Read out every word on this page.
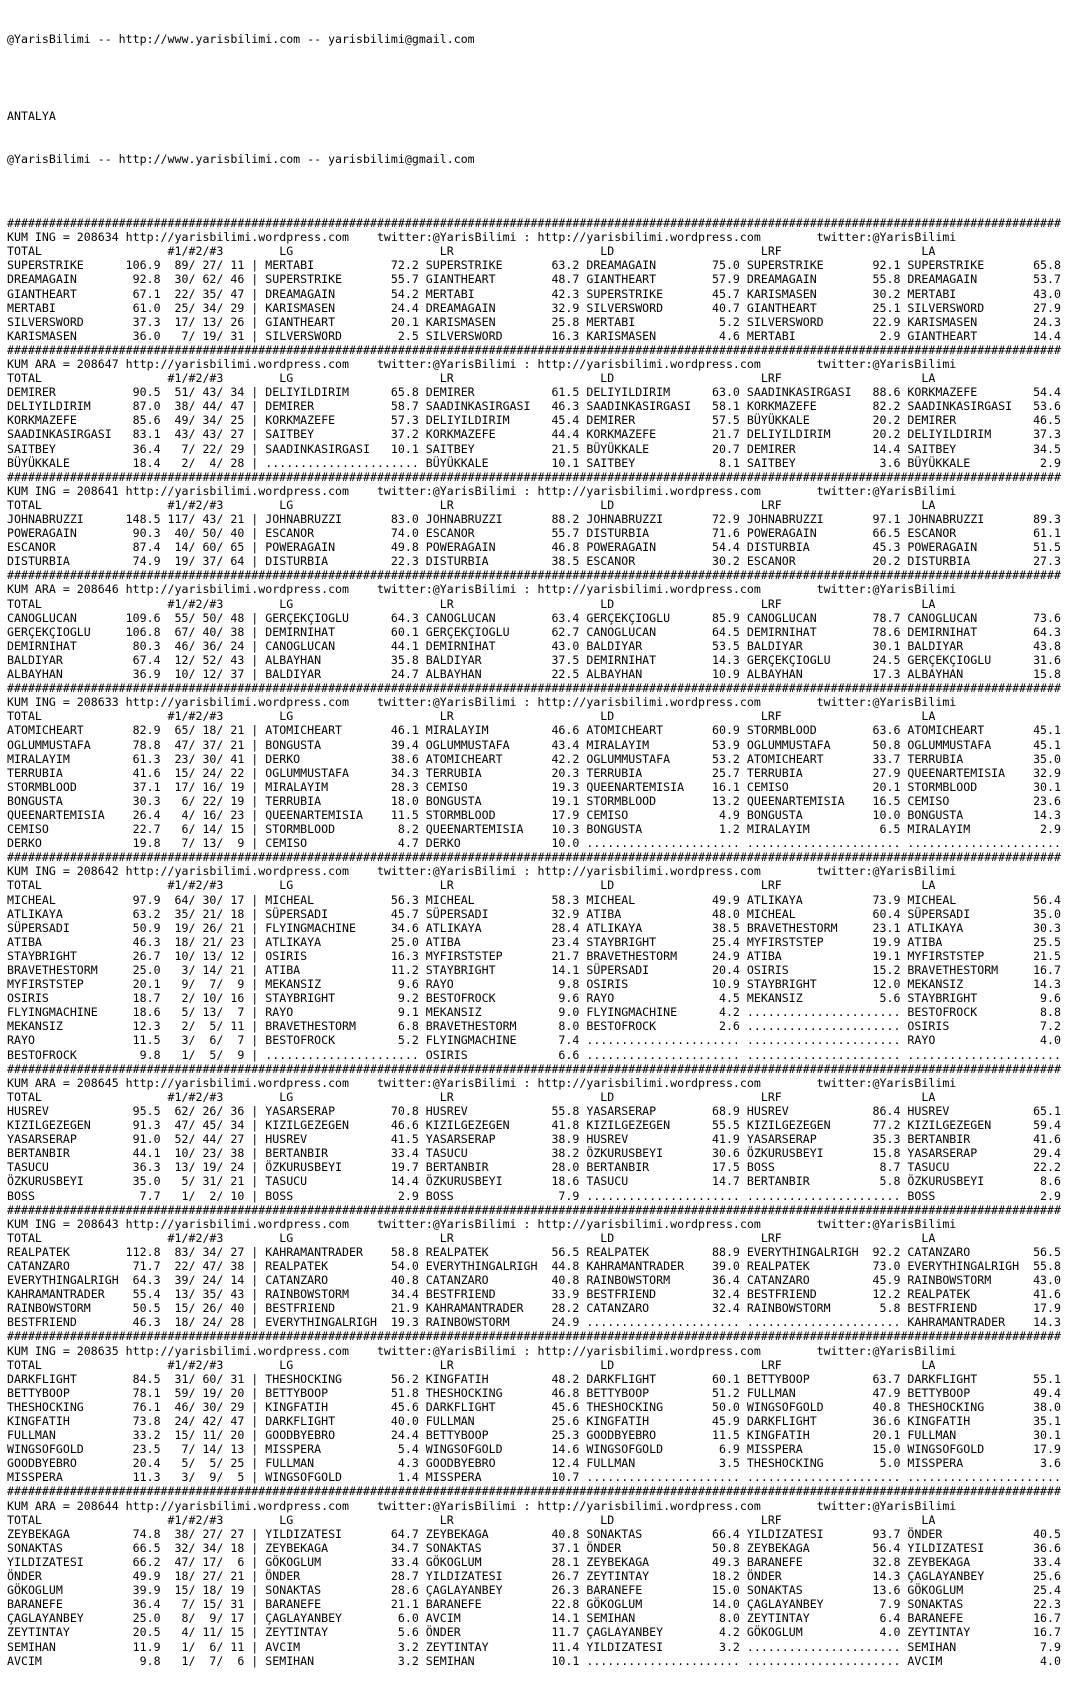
@YarisBilimi -- http://www.yarisbilimi.com -- yarisbilimi@gmail.com

ANTALYA

@YarisBilimi -- http://www.yarisbilimi.com -- yarisbilimi@gmail.com

#######################################################################################################################################################
KUM ING = 208634 http://yarisbilimi.wordpress.com    twitter:@YarisBilimi : http://yarisbilimi.wordpress.com        twitter:@YarisBilimi
TOTAL                  #1/#2/#3        LG                     LR                     LD                     LRF                    LA
SUPERSTRIKE      106.9  89/ 27/ 11 | MERTABI           72.2 SUPERSTRIKE       63.2 DREAMAGAIN        75.0 SUPERSTRIKE       92.1 SUPERSTRIKE       65.8
DREAMAGAIN        92.8  30/ 62/ 46 | SUPERSTRIKE       55.7 GIANTHEART        48.7 GIANTHEART        57.9 DREAMAGAIN        55.8 DREAMAGAIN        53.7
GIANTHEART        67.1  22/ 35/ 47 | DREAMAGAIN        54.2 MERTABI           42.3 SUPERSTRIKE       45.7 KARISMASEN        30.2 MERTABI           43.0
MERTABI           61.0  25/ 34/ 29 | KARISMASEN        24.4 DREAMAGAIN        32.9 SILVERSWORD       40.7 GIANTHEART        25.1 SILVERSWORD       27.9
SILVERSWORD       37.3  17/ 13/ 26 | GIANTHEART        20.1 KARISMASEN        25.8 MERTABI            5.2 SILVERSWORD       22.9 KARISMASEN        24.3
KARISMASEN        36.0   7/ 19/ 31 | SILVERSWORD        2.5 SILVERSWORD       16.3 KARISMASEN         4.6 MERTABI            2.9 GIANTHEART        14.4
#######################################################################################################################################################
KUM ARA = 208647 http://yarisbilimi.wordpress.com    twitter:@YarisBilimi : http://yarisbilimi.wordpress.com        twitter:@YarisBilimi
TOTAL                  #1/#2/#3        LG                     LR                     LD                     LRF                    LA
DEMIRER           90.5  51/ 43/ 34 | DELIYILDIRIM      65.8 DEMIRER           61.5 DELIYILDIRIM      63.0 SAADINKASIRGASI   88.6 KORKMAZEFE        54.4
DELIYILDIRIM      87.0  38/ 44/ 47 | DEMIRER           58.7 SAADINKASIRGASI   46.3 SAADINKASIRGASI   58.1 KORKMAZEFE        82.2 SAADINKASIRGASI   53.6
KORKMAZEFE        85.6  49/ 34/ 25 | KORKMAZEFE        57.3 DELIYILDIRIM      45.4 DEMIRER           57.5 BÜYÜKKALE         20.2 DEMIRER           46.5
SAADINKASIRGASI   83.1  43/ 43/ 27 | SAITBEY           37.2 KORKMAZEFE        44.4 KORKMAZEFE        21.7 DELIYILDIRIM      20.2 DELIYILDIRIM      37.3
SAITBEY           36.4   7/ 22/ 29 | SAADINKASIRGASI   10.1 SAITBEY           21.5 BÜYÜKKALE         20.7 DEMIRER           14.4 SAITBEY           34.5
BÜYÜKKALE         18.4   2/  4/ 28 | ...................... BÜYÜKKALE         10.1 SAITBEY            8.1 SAITBEY            3.6 BÜYÜKKALE          2.9
#######################################################################################################################################################
KUM ING = 208641 http://yarisbilimi.wordpress.com    twitter:@YarisBilimi : http://yarisbilimi.wordpress.com        twitter:@YarisBilimi
TOTAL                  #1/#2/#3        LG                     LR                     LD                     LRF                    LA
JOHNABRUZZI      148.5 117/ 43/ 21 | JOHNABRUZZI       83.0 JOHNABRUZZI       88.2 JOHNABRUZZI       72.9 JOHNABRUZZI       97.1 JOHNABRUZZI       89.3
POWERAGAIN        90.3  40/ 50/ 40 | ESCANOR           74.0 ESCANOR           55.7 DISTURBIA         71.6 POWERAGAIN        66.5 ESCANOR           61.1
ESCANOR           87.4  14/ 60/ 65 | POWERAGAIN        49.8 POWERAGAIN        46.8 POWERAGAIN        54.4 DISTURBIA         45.3 POWERAGAIN        51.5
DISTURBIA         74.9  19/ 37/ 64 | DISTURBIA         22.3 DISTURBIA         38.5 ESCANOR           30.2 ESCANOR           20.2 DISTURBIA         27.3
#######################################################################################################################################################
KUM ARA = 208646 http://yarisbilimi.wordpress.com    twitter:@YarisBilimi : http://yarisbilimi.wordpress.com        twitter:@YarisBilimi
TOTAL                  #1/#2/#3        LG                     LR                     LD                     LRF                    LA
CANOGLUCAN       109.6  55/ 50/ 48 | GERÇEKÇIOGLU      64.3 CANOGLUCAN        63.4 GERÇEKÇIOGLU      85.9 CANOGLUCAN        78.7 CANOGLUCAN        73.6
GERÇEKÇIOGLU     106.8  67/ 40/ 38 | DEMIRNIHAT        60.1 GERÇEKÇIOGLU      62.7 CANOGLUCAN        64.5 DEMIRNIHAT        78.6 DEMIRNIHAT        64.3
DEMIRNIHAT        80.3  46/ 36/ 24 | CANOGLUCAN        44.1 DEMIRNIHAT        43.0 BALDIYAR          53.5 BALDIYAR          30.1 BALDIYAR          43.8
BALDIYAR          67.4  12/ 52/ 43 | ALBAYHAN          35.8 BALDIYAR          37.5 DEMIRNIHAT        14.3 GERÇEKÇIOGLU      24.5 GERÇEKÇIOGLU      31.6
ALBAYHAN          36.9  10/ 12/ 37 | BALDIYAR          24.7 ALBAYHAN          22.5 ALBAYHAN          10.9 ALBAYHAN          17.3 ALBAYHAN          15.8
#######################################################################################################################################################
KUM ING = 208633 http://yarisbilimi.wordpress.com    twitter:@YarisBilimi : http://yarisbilimi.wordpress.com        twitter:@YarisBilimi
TOTAL                  #1/#2/#3        LG                     LR                     LD                     LRF                    LA
ATOMICHEART       82.9  65/ 18/ 21 | ATOMICHEART       46.1 MIRALAYIM         46.6 ATOMICHEART       60.9 STORMBLOOD        63.6 ATOMICHEART       45.1
OGLUMMUSTAFA      78.8  47/ 37/ 21 | BONGUSTA          39.4 OGLUMMUSTAFA      43.4 MIRALAYIM         53.9 OGLUMMUSTAFA      50.8 OGLUMMUSTAFA      45.1
MIRALAYIM         61.3  23/ 30/ 41 | DERKO             38.6 ATOMICHEART       42.2 OGLUMMUSTAFA      53.2 ATOMICHEART       33.7 TERRUBIA          35.0
TERRUBIA          41.6  15/ 24/ 22 | OGLUMMUSTAFA      34.3 TERRUBIA          20.3 TERRUBIA          25.7 TERRUBIA          27.9 QUEENARTEMISIA    32.9
STORMBLOOD        37.1  17/ 16/ 19 | MIRALAYIM         28.3 CEMISO            19.3 QUEENARTEMISIA    16.1 CEMISO            20.1 STORMBLOOD        30.1
BONGUSTA          30.3   6/ 22/ 19 | TERRUBIA          18.0 BONGUSTA          19.1 STORMBLOOD        13.2 QUEENARTEMISIA    16.5 CEMISO            23.6
QUEENARTEMISIA    26.4   4/ 16/ 23 | QUEENARTEMISIA    11.5 STORMBLOOD        17.9 CEMISO             4.9 BONGUSTA          10.0 BONGUSTA          14.3
CEMISO            22.7   6/ 14/ 15 | STORMBLOOD         8.2 QUEENARTEMISIA    10.3 BONGUSTA           1.2 MIRALAYIM          6.5 MIRALAYIM          2.9
DERKO             19.8   7/ 13/  9 | CEMISO             4.7 DERKO             10.0 ...................... ...................... ......................
#######################################################################################################################################################
KUM ING = 208642 http://yarisbilimi.wordpress.com    twitter:@YarisBilimi : http://yarisbilimi.wordpress.com        twitter:@YarisBilimi
TOTAL                  #1/#2/#3        LG                     LR                     LD                     LRF                    LA
MICHEAL           97.9  64/ 30/ 17 | MICHEAL           56.3 MICHEAL           58.3 MICHEAL           49.9 ATLIKAYA          73.9 MICHEAL           56.4
ATLIKAYA          63.2  35/ 21/ 18 | SÜPERSADI         45.7 SÜPERSADI         32.9 ATIBA             48.0 MICHEAL           60.4 SÜPERSADI         35.0
SÜPERSADI         50.9  19/ 26/ 21 | FLYINGMACHINE     34.6 ATLIKAYA          28.4 ATLIKAYA          38.5 BRAVETHESTORM     23.1 ATLIKAYA          30.3
ATIBA             46.3  18/ 21/ 23 | ATLIKAYA          25.0 ATIBA             23.4 STAYBRIGHT        25.4 MYFIRSTSTEP       19.9 ATIBA             25.5
STAYBRIGHT        26.7  10/ 13/ 12 | OSIRIS            16.3 MYFIRSTSTEP       21.7 BRAVETHESTORM     24.9 ATIBA             19.1 MYFIRSTSTEP       21.5
BRAVETHESTORM     25.0   3/ 14/ 21 | ATIBA             11.2 STAYBRIGHT        14.1 SÜPERSADI         20.4 OSIRIS            15.2 BRAVETHESTORM     16.7
MYFIRSTSTEP       20.1   9/  7/  9 | MEKANSIZ           9.6 RAYO               9.8 OSIRIS            10.9 STAYBRIGHT        12.0 MEKANSIZ          14.3
OSIRIS            18.7   2/ 10/ 16 | STAYBRIGHT         9.2 BESTOFROCK         9.6 RAYO               4.5 MEKANSIZ           5.6 STAYBRIGHT         9.6
FLYINGMACHINE     18.6   5/ 13/  7 | RAYO               9.1 MEKANSIZ           9.0 FLYINGMACHINE      4.2 ...................... BESTOFROCK         8.8
MEKANSIZ          12.3   2/  5/ 11 | BRAVETHESTORM      6.8 BRAVETHESTORM      8.0 BESTOFROCK         2.6 ...................... OSIRIS             7.2
RAYO              11.5   3/  6/  7 | BESTOFROCK         5.2 FLYINGMACHINE      7.4 ...................... ...................... RAYO               4.0
BESTOFROCK         9.8   1/  5/  9 | ...................... OSIRIS             6.6 ...................... ...................... ......................
#######################################################################################################################################################
KUM ARA = 208645 http://yarisbilimi.wordpress.com    twitter:@YarisBilimi : http://yarisbilimi.wordpress.com        twitter:@YarisBilimi
TOTAL                  #1/#2/#3        LG                     LR                     LD                     LRF                    LA
HUSREV            95.5  62/ 26/ 36 | YASARSERAP        70.8 HUSREV            55.8 YASARSERAP        68.9 HUSREV            86.4 HUSREV            65.1
KIZILGEZEGEN      91.3  47/ 45/ 34 | KIZILGEZEGEN      46.6 KIZILGEZEGEN      41.8 KIZILGEZEGEN      55.5 KIZILGEZEGEN      77.2 KIZILGEZEGEN      59.4
YASARSERAP        91.0  52/ 44/ 27 | HUSREV            41.5 YASARSERAP        38.9 HUSREV            41.9 YASARSERAP        35.3 BERTANBIR         41.6
BERTANBIR         44.1  10/ 23/ 38 | BERTANBIR         33.4 TASUCU            38.2 ÖZKURUSBEYI       30.6 ÖZKURUSBEYI       15.8 YASARSERAP        29.4
TASUCU            36.3  13/ 19/ 24 | ÖZKURUSBEYI       19.7 BERTANBIR         28.0 BERTANBIR         17.5 BOSS               8.7 TASUCU            22.2
ÖZKURUSBEYI       35.0   5/ 31/ 21 | TASUCU            14.4 ÖZKURUSBEYI       18.6 TASUCU            14.7 BERTANBIR          5.8 ÖZKURUSBEYI        8.6
BOSS               7.7   1/  2/ 10 | BOSS               2.9 BOSS               7.9 ...................... ...................... BOSS               2.9
#######################################################################################################################################################
KUM ING = 208643 http://yarisbilimi.wordpress.com    twitter:@YarisBilimi : http://yarisbilimi.wordpress.com        twitter:@YarisBilimi
TOTAL                  #1/#2/#3        LG                     LR                     LD                     LRF                    LA
REALPATEK        112.8  83/ 34/ 27 | KAHRAMANTRADER    58.8 REALPATEK         56.5 REALPATEK         88.9 EVERYTHINGALRIGH  92.2 CATANZARO         56.5
CATANZARO         71.7  22/ 47/ 38 | REALPATEK         54.0 EVERYTHINGALRIGH  44.8 KAHRAMANTRADER    39.0 REALPATEK         73.0 EVERYTHINGALRIGH  55.8
EVERYTHINGALRIGH  64.3  39/ 24/ 14 | CATANZARO         40.8 CATANZARO         40.8 RAINBOWSTORM      36.4 CATANZARO         45.9 RAINBOWSTORM      43.0
KAHRAMANTRADER    55.4  13/ 35/ 43 | RAINBOWSTORM      34.4 BESTFRIEND        33.9 BESTFRIEND        32.4 BESTFRIEND        12.2 REALPATEK         41.6
RAINBOWSTORM      50.5  15/ 26/ 40 | BESTFRIEND        21.9 KAHRAMANTRADER    28.2 CATANZARO         32.4 RAINBOWSTORM       5.8 BESTFRIEND        17.9
BESTFRIEND        46.3  18/ 24/ 28 | EVERYTHINGALRIGH  19.3 RAINBOWSTORM      24.9 ...................... ...................... KAHRAMANTRADER    14.3
#######################################################################################################################################################
KUM ING = 208635 http://yarisbilimi.wordpress.com    twitter:@YarisBilimi : http://yarisbilimi.wordpress.com        twitter:@YarisBilimi
TOTAL                  #1/#2/#3        LG                     LR                     LD                     LRF                    LA
DARKFLIGHT        84.5  31/ 60/ 31 | THESHOCKING       56.2 KINGFATIH         48.2 DARKFLIGHT        60.1 BETTYBOOP         63.7 DARKFLIGHT        55.1
BETTYBOOP         78.1  59/ 19/ 20 | BETTYBOOP         51.8 THESHOCKING       46.8 BETTYBOOP         51.2 FULLMAN           47.9 BETTYBOOP         49.4
THESHOCKING       76.1  46/ 30/ 29 | KINGFATIH         45.6 DARKFLIGHT        45.6 THESHOCKING       50.0 WINGSOFGOLD       40.8 THESHOCKING       38.0
KINGFATIH         73.8  24/ 42/ 47 | DARKFLIGHT        40.0 FULLMAN           25.6 KINGFATIH         45.9 DARKFLIGHT        36.6 KINGFATIH         35.1
FULLMAN           33.2  15/ 11/ 20 | GOODBYEBRO        24.4 BETTYBOOP         25.3 GOODBYEBRO        11.5 KINGFATIH         20.1 FULLMAN           30.1
WINGSOFGOLD       23.5   7/ 14/ 13 | MISSPERA           5.4 WINGSOFGOLD       14.6 WINGSOFGOLD        6.9 MISSPERA          15.0 WINGSOFGOLD       17.9
GOODBYEBRO        20.4   5/  5/ 25 | FULLMAN            4.3 GOODBYEBRO        12.4 FULLMAN            3.5 THESHOCKING        5.0 MISSPERA           3.6
MISSPERA          11.3   3/  9/  5 | WINGSOFGOLD        1.4 MISSPERA          10.7 ...................... ...................... ......................
#######################################################################################################################################################
KUM ARA = 208644 http://yarisbilimi.wordpress.com    twitter:@YarisBilimi : http://yarisbilimi.wordpress.com        twitter:@YarisBilimi
TOTAL                  #1/#2/#3        LG                     LR                     LD                     LRF                    LA
ZEYBEKAGA         74.8  38/ 27/ 27 | YILDIZATESI       64.7 ZEYBEKAGA         40.8 SONAKTAS          66.4 YILDIZATESI       93.7 ÖNDER             40.5
SONAKTAS          66.5  32/ 34/ 18 | ZEYBEKAGA         34.7 SONAKTAS          37.1 ÖNDER             50.8 ZEYBEKAGA         56.4 YILDIZATESI       36.6
YILDIZATESI       66.2  47/ 17/  6 | GÖKOGLUM          33.4 GÖKOGLUM          28.1 ZEYBEKAGA         49.3 BARANEFE          32.8 ZEYBEKAGA         33.4
ÖNDER             49.9  18/ 27/ 21 | ÖNDER             28.7 YILDIZATESI       26.7 ZEYTINTAY         18.2 ÖNDER             14.3 ÇAGLAYANBEY       25.6
GÖKOGLUM          39.9  15/ 18/ 19 | SONAKTAS          28.6 ÇAGLAYANBEY       26.3 BARANEFE          15.0 SONAKTAS          13.6 GÖKOGLUM          25.4
BARANEFE          36.4   7/ 15/ 31 | BARANEFE          21.1 BARANEFE          22.8 GÖKOGLUM          14.0 ÇAGLAYANBEY        7.9 SONAKTAS          22.3
ÇAGLAYANBEY       25.0   8/  9/ 17 | ÇAGLAYANBEY        6.0 AVCIM             14.1 SEMIHAN            8.0 ZEYTINTAY          6.4 BARANEFE          16.7
ZEYTINTAY         20.5   4/ 11/ 15 | ZEYTINTAY          5.6 ÖNDER             11.7 ÇAGLAYANBEY        4.2 GÖKOGLUM           4.0 ZEYTINTAY         16.7
SEMIHAN           11.9   1/  6/ 11 | AVCIM              3.2 ZEYTINTAY         11.4 YILDIZATESI        3.2 ...................... SEMIHAN            7.9
AVCIM              9.8   1/  7/  6 | SEMIHAN            3.2 SEMIHAN           10.1 ...................... ...................... AVCIM              4.0
